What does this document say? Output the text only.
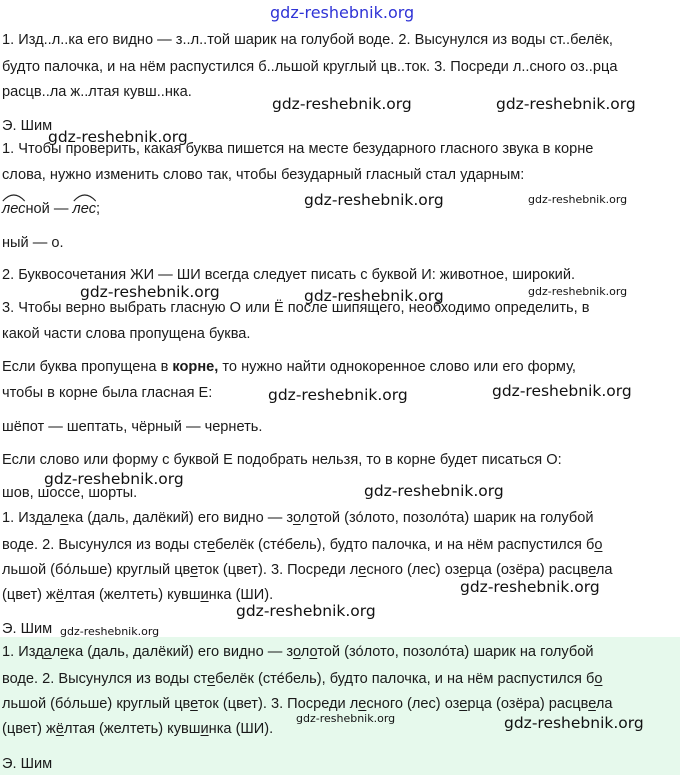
1. Изд..л..ка его видно — з..л..той шарик на голубой воде. 2. Высунулся из воды ст..белёк,
будто палочка, и на нём распустился б..льшой круглый цв..ток. 3. Посреди л..сного оз..рца
расцв..ла ж..лтая кувш..нка.
Э. Шим
1. Чтобы проверить, какая буква пишется на месте безударного гласного звука в корне
слова, нужно изменить слово так, чтобы безударный гласный стал ударным:
лесной — лес;
ный — о.
2. Буквосочетания ЖИ — ШИ всегда следует писать с буквой И: животное, широкий.
3. Чтобы верно выбрать гласную О или Ё после шипящего, необходимо определить, в
какой части слова пропущена буква.
Если буква пропущена в корне, то нужно найти однокоренное слово или его форму,
чтобы в корне была гласная Е:
шёпот — шептать, чёрный — чернеть.
Если слово или форму с буквой Е подобрать нельзя, то в корне будет писаться О:
шов, шоссе, шорты.
1. Издалека (даль, далёкий) его видно — золотой (зо́лото, позоло́та) шарик на голубой
воде. 2. Высунулся из воды стебелёк (сте́бель), будто палочка, и на нём распустился бо
льшой (бо́льше) круглый цветок (цвет). 3. Посреди лесного (лес) озерца (озёра) расцвела
(цвет) жёлтая (желтеть) кувшинка (ШИ).
Э. Шим
1. Издалека (даль, далёкий) его видно — золотой (зо́лото, позоло́та) шарик на голубой
воде. 2. Высунулся из воды стебелёк (сте́бель), будто палочка, и на нём распустился бо
льшой (бо́льше) круглый цветок (цвет). 3. Посреди лесного (лес) озерца (озёра) расцвела
(цвет) жёлтая (желтеть) кувшинка (ШИ).
Э. Шим
gdz-reshebnik.org
gdz-reshebnik.org	gdz-reshebnik.org
gdz-reshebnik.org
gdz-reshebnik.org	gdz-reshebnik.org
gdz-reshebnik.org	gdz-reshebnik.org	gdz-reshebnik.org
gdz-reshebnik.org	gdz-reshebnik.org
gdz-reshebnik.org
gdz-reshebnik.org
gdz-reshebnik.org
gdz-reshebnik.org
gdz-reshebnik.org
gdz-reshebnik.org	gdz-reshebnik.org
